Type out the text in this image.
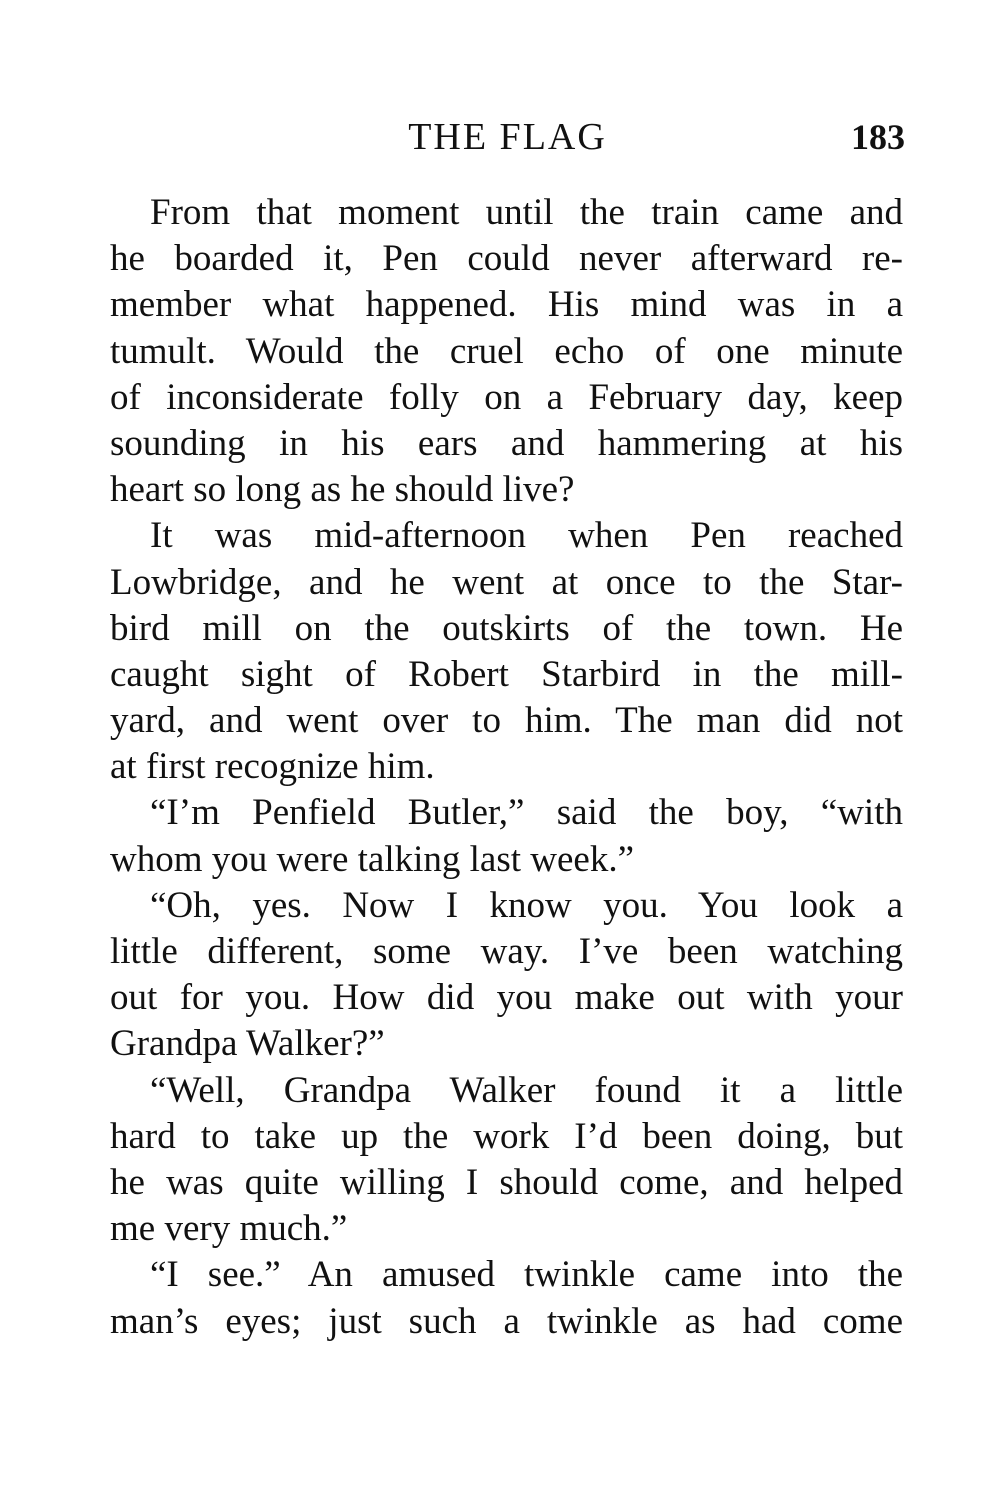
THE FLAG	183
From that moment until the train came and
he boarded it, Pen could never afterward re-
member what happened. His mind was in a
tumult. Would the cruel echo of one minute
of inconsiderate folly on a February day, keep
sounding in his ears and hammering at his
heart so long as he should live?
It was mid-afternoon when Pen reached
Lowbridge, and he went at once to the Star-
bird mill on the outskirts of the town. He
caught sight of Robert Starbird in the mill-
yard, and went over to him. The man did not
at first recognize him.
“I’m Penfield Butler,” said the boy, “with
whom you were talking last week.”
“Oh, yes. Now I know you. You look a
little different, some way. I’ve been watching
out for you. How did you make out with your
Grandpa Walker?”
“Well, Grandpa Walker found it a little
hard to take up the work I’d been doing, but
he was quite willing I should come, and helped
me very much.”
“I see.” An amused twinkle came into the
man’s eyes; just such a twinkle as had come
